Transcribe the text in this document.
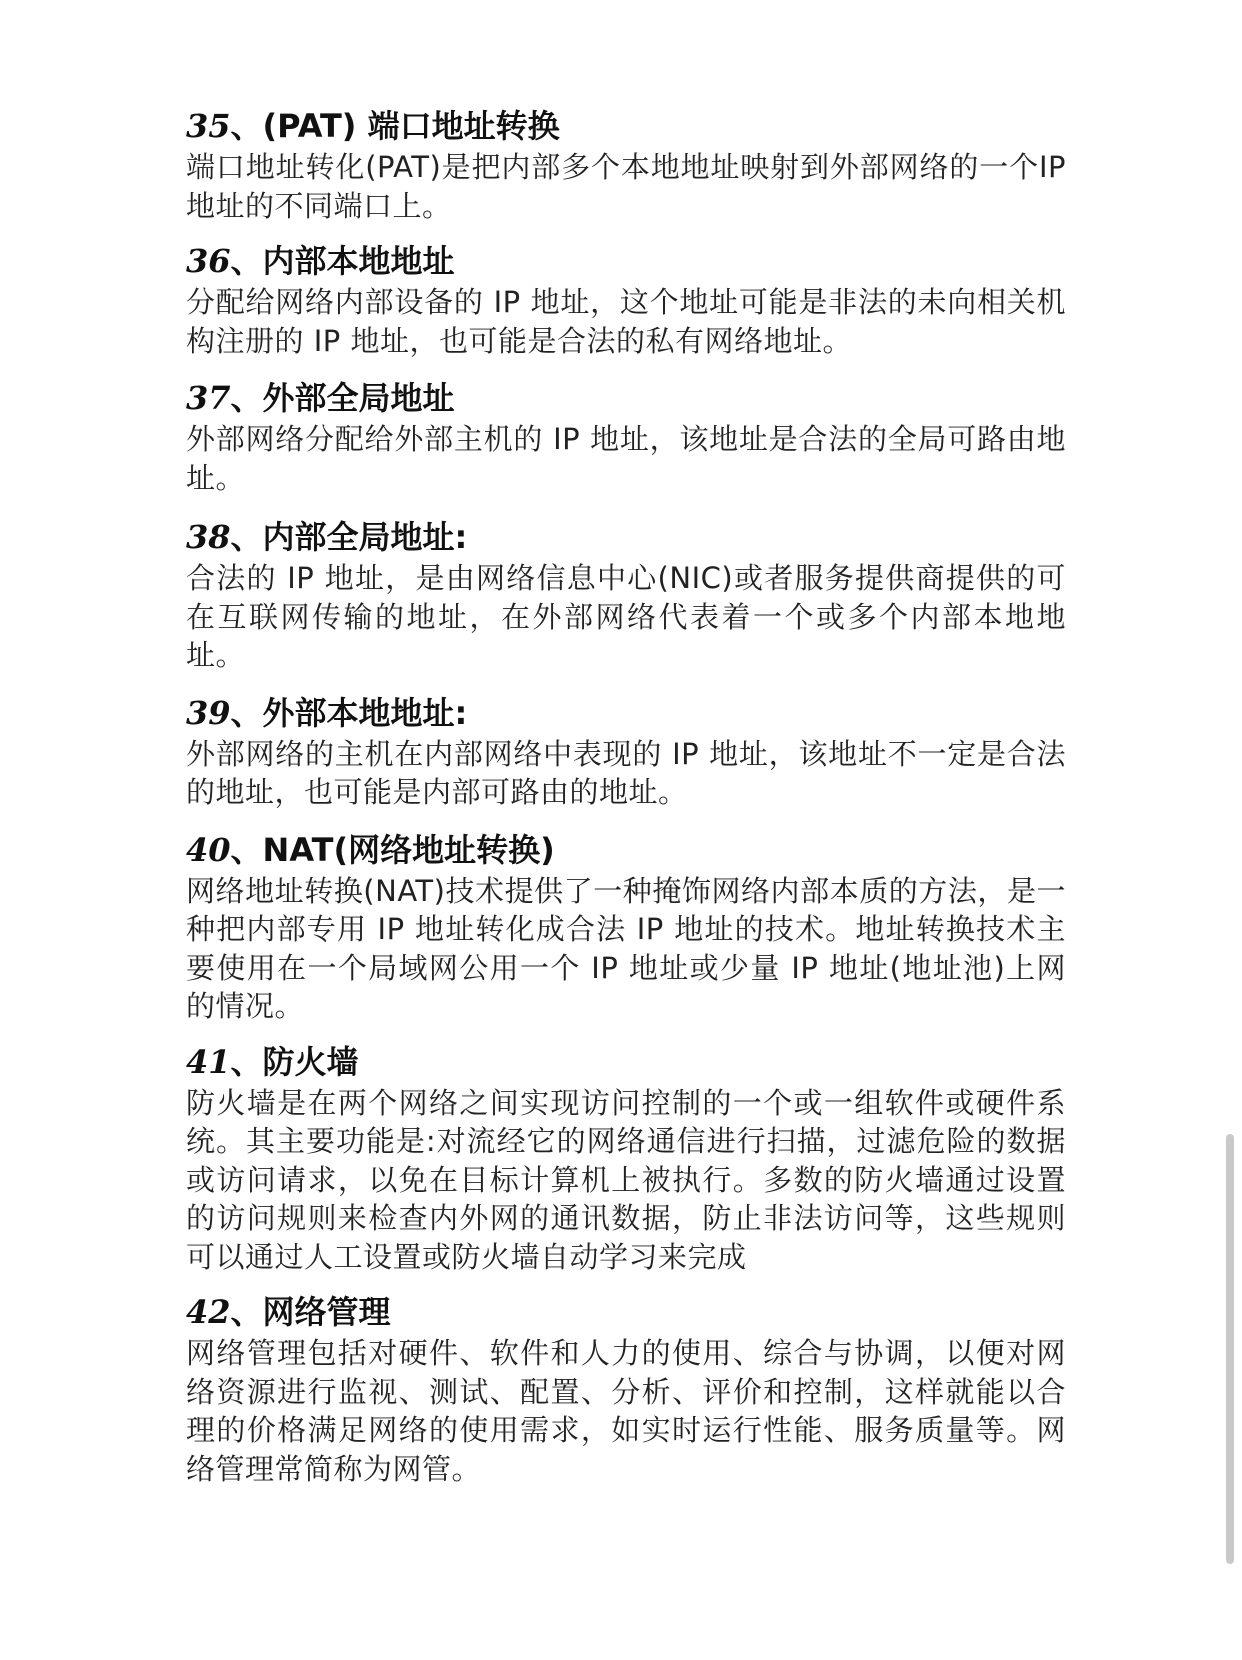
35、(PAT) 端口地址转换
端口地址转化(PAT)是把内部多个本地地址映射到外部网络的一个IP 地址的不同端口上。
36、内部本地地址
分配给网络内部设备的 IP 地址，这个地址可能是非法的未向相关机构注册的 IP 地址，也可能是合法的私有网络地址。
37、外部全局地址
外部网络分配给外部主机的 IP 地址，该地址是合法的全局可路由地址。
38、内部全局地址:
合法的 IP 地址，是由网络信息中心(NIC)或者服务提供商提供的可在互联网传输的地址，在外部网络代表着一个或多个内部本地地址。
39、外部本地地址:
外部网络的主机在内部网络中表现的 IP 地址，该地址不一定是合法的地址，也可能是内部可路由的地址。
40、NAT(网络地址转换)
网络地址转换(NAT)技术提供了一种掩饰网络内部本质的方法，是一种把内部专用 IP 地址转化成合法 IP 地址的技术。地址转换技术主要使用在一个局域网公用一个 IP 地址或少量 IP 地址(地址池)上网的情况。
41、防火墙
防火墙是在两个网络之间实现访问控制的一个或一组软件或硬件系统。其主要功能是:对流经它的网络通信进行扫描，过滤危险的数据或访问请求，以免在目标计算机上被执行。多数的防火墙通过设置的访问规则来检查内外网的通讯数据，防止非法访问等，这些规则可以通过人工设置或防火墙自动学习来完成
42、网络管理
网络管理包括对硬件、软件和人力的使用、综合与协调，以便对网络资源进行监视、测试、配置、分析、评价和控制，这样就能以合理的价格满足网络的使用需求，如实时运行性能、服务质量等。网络管理常简称为网管。
